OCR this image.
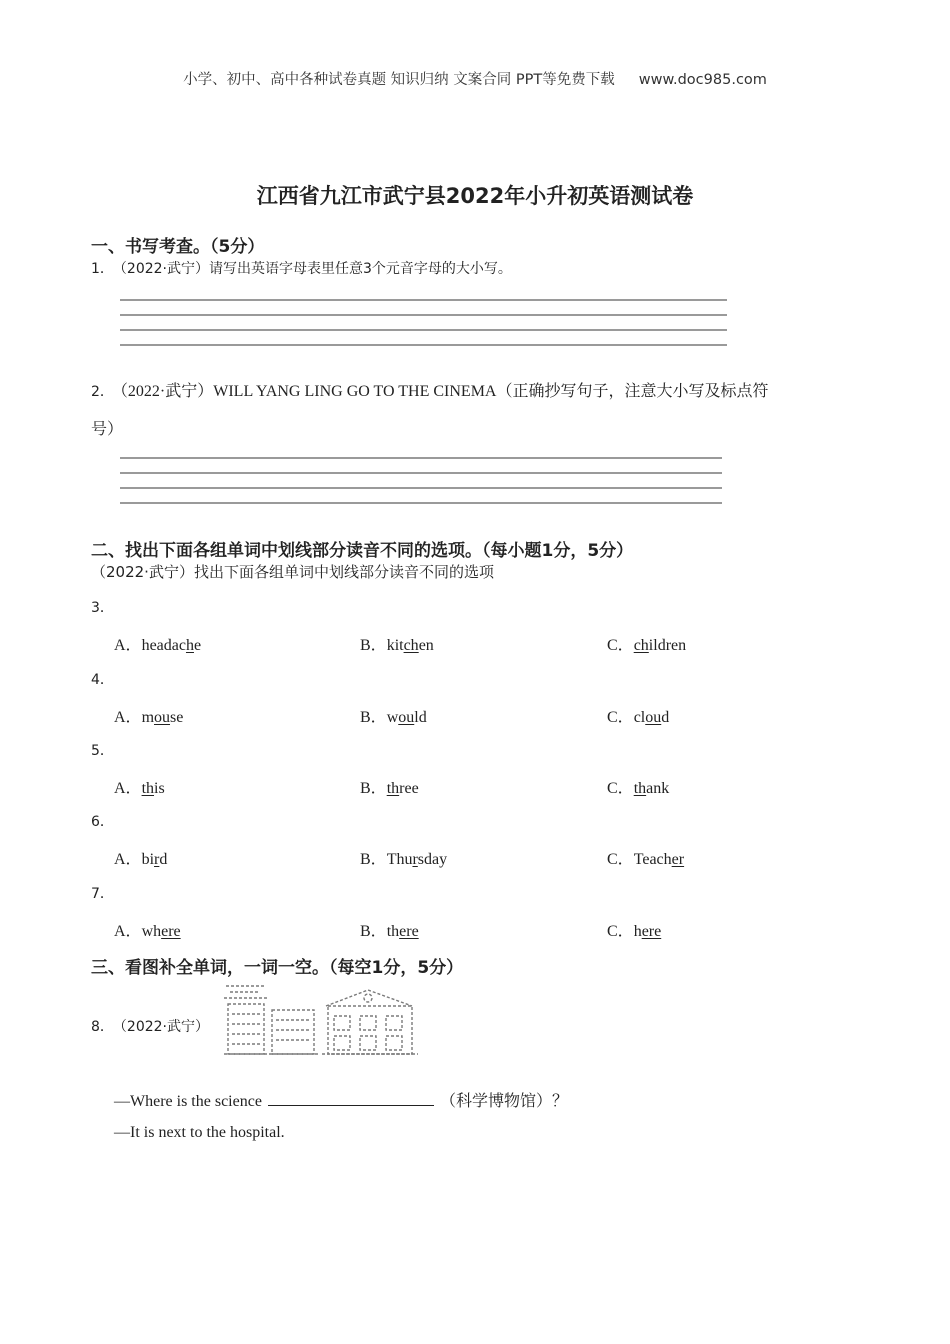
小学、初中、高中各种试卷真题 知识归纳 文案合同 PPT等免费下载 www.doc985.com
江西省九江市武宁县2022年小升初英语测试卷
一、书写考查。（5分）
1． （2022·武宁）请写出英语字母表里任意3个元音字母的大小写。
2． （2022·武宁）WILL YANG LING GO TO THE CINEMA（正确抄写句子，注意大小写及标点符
号）
二、找出下面各组单词中划线部分读音不同的选项。（每小题1分，5分）
（2022·武宁）找出下面各组单词中划线部分读音不同的选项
3．
A．headache	B．kitchen	C．children
4．
A．mouse	B．would	C．cloud
5．
A．this	B．three	C．thank
6．
A．bird	B．Thursday	C．Teacher
7．
A．where	B．there	C．here
三、看图补全单词，一词一空。（每空1分，5分）
8． （2022·武宁）
—Where is the science	（科学博物馆）？
—It is next to the hospital.
